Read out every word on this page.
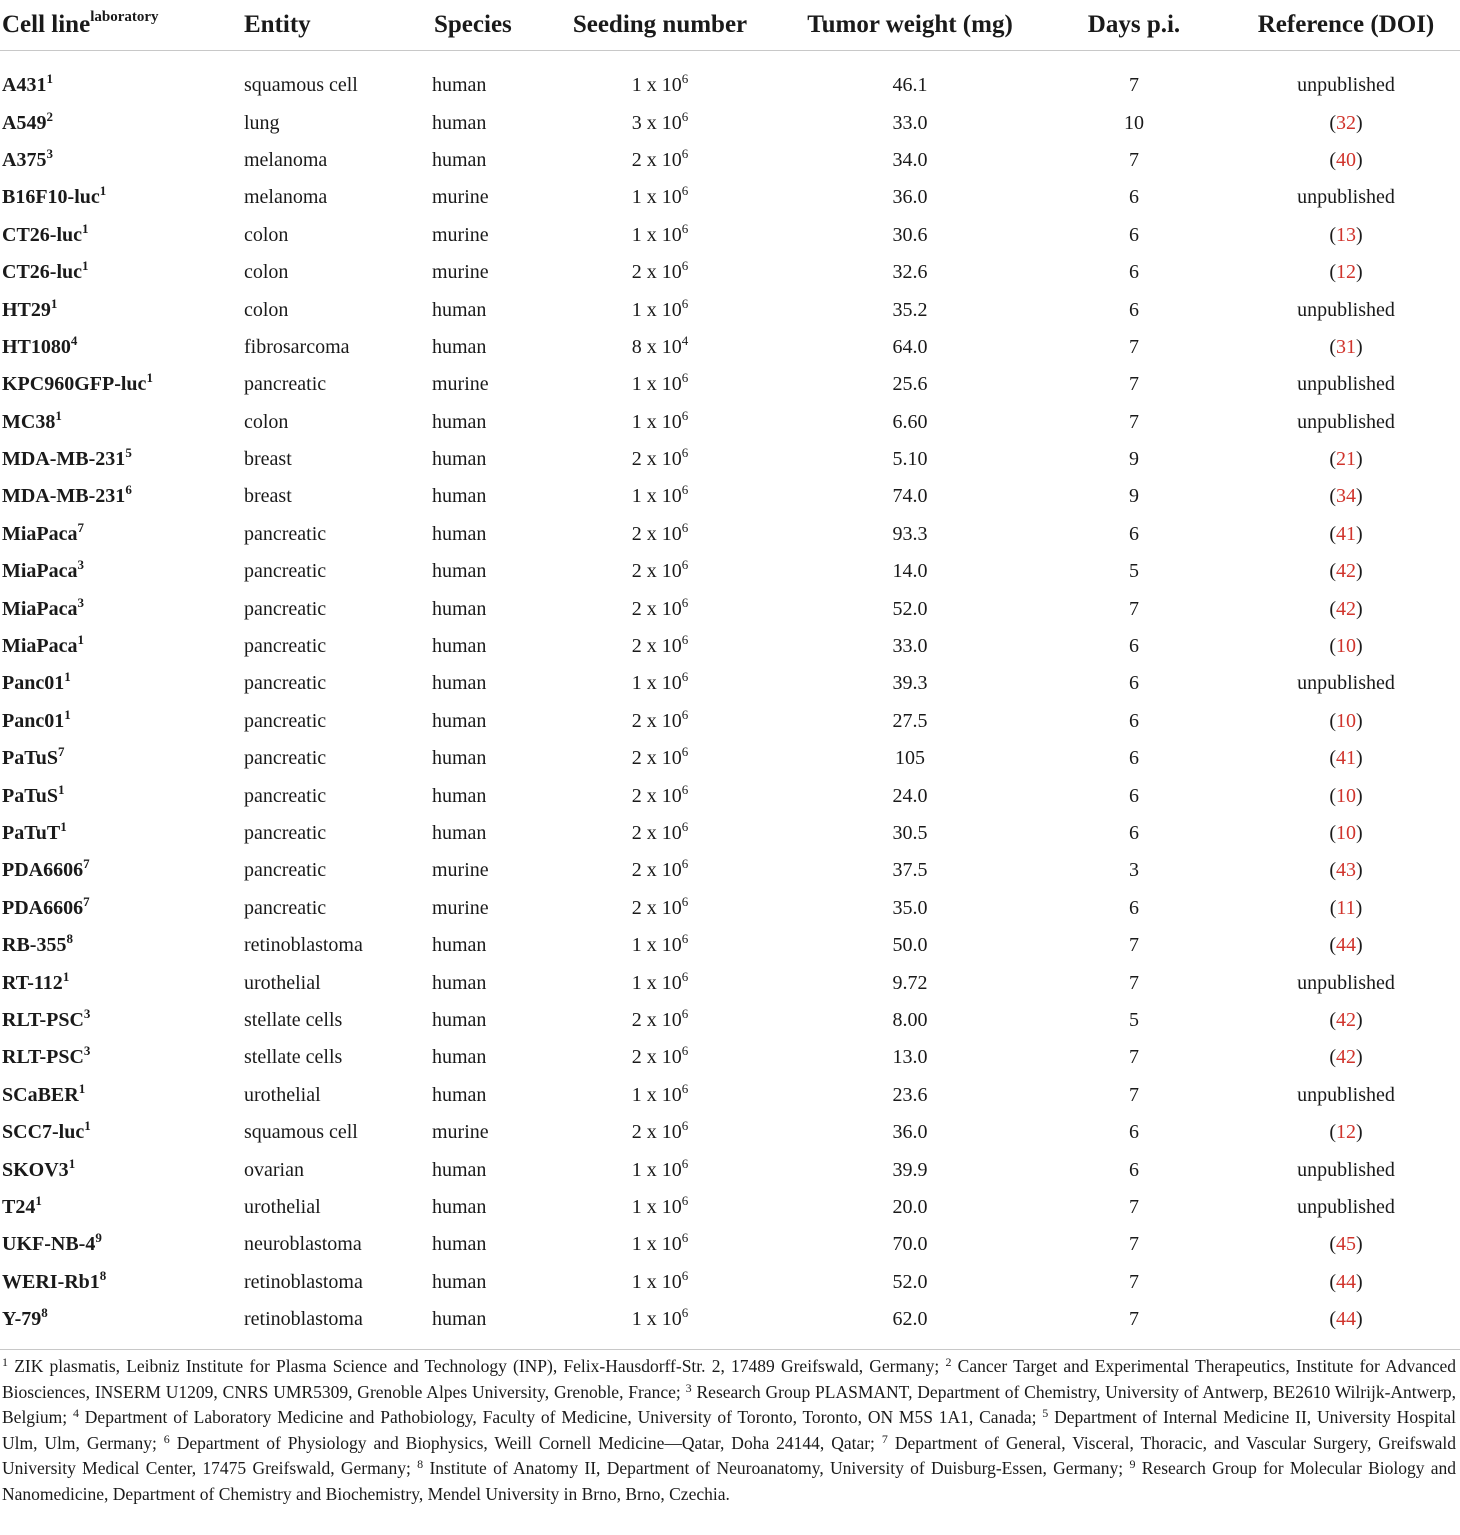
Cell line$^{laboratory}$	Entity	Species	Seeding number	Tumor weight (mg)	Days p.i.	Reference (DOI)
$A431^1$	squamous cell	human	1 x $10^6$	46.1	7	unpublished
$A549^2$	lung	human	3 x $10^6$	33.0	10	(32)
$A375^3$	melanoma	human	2 x $10^6$	34.0	7	(40)
B16F10-luc$^1$	melanoma	murine	1 x $10^6$	36.0	6	unpublished
CT26-luc$^1$	colon	murine	1 x $10^6$	30.6	6	(13)
CT26-luc$^1$	colon	murine	2 x $10^6$	32.6	6	(12)
$HT29^1$	colon	human	1 x $10^6$	35.2	6	unpublished
HT1080$^4$	fibrosarcoma	human	8 x $10^4$	64.0	7	(31)
KPC960GFP-luc$^1$	pancreatic	murine	1 x $10^6$	25.6	7	unpublished
$MC38^1$	colon	human	1 x $10^6$	6.60	7	unpublished
MDA-$MB-231^5$	breast	human	2 x $10^6$	5.10	9	(21)
MDA-$MB-231^6$	breast	human	1 x $10^6$	74.0	9	(34)
MiaPaca$^7$	pancreatic	human	2 x $10^6$	93.3	6	(41)
MiaPaca$^3$	pancreatic	human	2 x $10^6$	14.0	5	(42)
MiaPaca$^3$	pancreatic	human	2 x $10^6$	52.0	7	(42)
MiaPaca$^1$	pancreatic	human	2 x $10^6$	33.0	6	(10)
$Panc01^1$	pancreatic	human	1 x $10^6$	39.3	6	unpublished
$Panc01^1$	pancreatic	human	2 x $10^6$	27.5	6	(10)
PaTuS$^7$	pancreatic	human	2 x $10^6$	105	6	(41)
PaTuS$^1$	pancreatic	human	2 x $10^6$	24.0	6	(10)
PaTuT$^1$	pancreatic	human	2 x $10^6$	30.5	6	(10)
PDA6606$^7$	pancreatic	murine	2 x $10^6$	37.5	3	(43)
PDA6606$^7$	pancreatic	murine	2 x $10^6$	35.0	6	(11)
$RB-355^8$	retinoblastoma	human	1 x $10^6$	50.0	7	(44)
$RT-112^1$	urothelial	human	1 x $10^6$	9.72	7	unpublished
RLT-PSC$^3$	stellate cells	human	2 x $10^6$	8.00	5	(42)
RLT-PSC$^3$	stellate cells	human	2 x $10^6$	13.0	7	(42)
SCaBER$^1$	urothelial	human	1 x $10^6$	23.6	7	unpublished
SCC7-luc$^1$	squamous cell	murine	2 x $10^6$	36.0	6	(12)
$SKOV3^1$	ovarian	human	1 x $10^6$	39.9	6	unpublished
$T24^1$	urothelial	human	1 x $10^6$	20.0	7	unpublished
UKF-$NB-4^9$	neuroblastoma	human	1 x $10^6$	70.0	7	(45)
WERI-$Rb1^8$	retinoblastoma	human	1 x $10^6$	52.0	7	(44)
$Y-79^8$	retinoblastoma	human	1 x $10^6$	62.0	7	(44)
$^1$ ZIK plasmatis, Leibniz Institute for Plasma Science and Technology (INP), Felix-Hausdorff-Str. 2, 17489 Greifswald, Germany; $^2$ Cancer Target and Experimental Therapeutics, Institute for Advanced Biosciences, INSERM U1209, CNRS UMR5309, Grenoble Alpes University, Grenoble, France; $^3$ Research Group PLASMANT, Department of Chemistry, University of Antwerp, BE2610 Wilrijk-Antwerp, Belgium; $^4$ Department of Laboratory Medicine and Pathobiology, Faculty of Medicine, University of Toronto, Toronto, ON M5S 1A1, Canada; $^5$ Department of Internal Medicine II, University Hospital Ulm, Ulm, Germany; $^6$ Department of Physiology and Biophysics, Weill Cornell Medicine—Qatar, Doha 24144, Qatar; $^7$ Department of General, Visceral, Thoracic, and Vascular Surgery, Greifswald University Medical Center, 17475 Greifswald, Germany; $^8$ Institute of Anatomy II, Department of Neuroanatomy, University of Duisburg-Essen, Germany; $^9$ Research Group for Molecular Biology and Nanomedicine, Department of Chemistry and Biochemistry, Mendel University in Brno, Brno, Czechia.
